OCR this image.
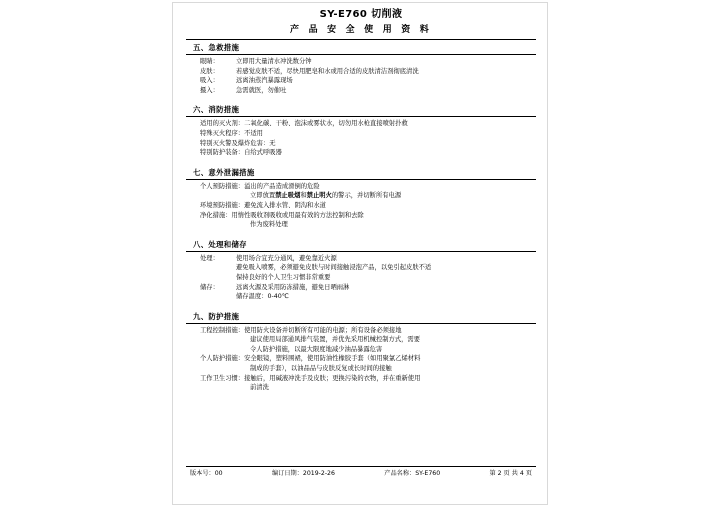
SY-E760 切削液
产 品 安 全 使 用 资 料
五、急救措施
眼睛：	立即用大量清水冲洗数分钟
皮肤：	若感觉皮肤不适，尽快用肥皂和水或用合适的皮肤清洁剂彻底清洗
吸入：	远离油蒸汽暴露现场
摄入：	急需就医，勿催吐
六、消防措施
适用的灭火剂： 二氧化碳、干粉、泡沫或雾状水，切勿用水枪直接喷射扑救
特殊灭火程序： 不适用
特别灭火警及爆炸危害： 无
特别防护装备： 自给式呼吸器
七、意外泄漏措施
个人预防措施： 溢出的产品造成滑倒的危险
立即放置禁止吸烟和禁止明火的警示，并切断所有电源
环境预防措施： 避免流入排水管、阴沟和水道
净化措施： 用惰性吸收剂吸收或用最有效的方法控制和去除
作为废料处理
八、处理和储存
处理：	使用场合宜充分通风，避免靠近火源
避免吸入喷雾，必须避免皮肤与时间接触浸泡产品，以免引起皮肤不适
保持良好的个人卫生习惯非常重要
储存：	远离火源及采用防冻措施，避免日晒雨淋
储存温度：0-40℃
九、防护措施
工程控制措施： 使用防火设备并切断所有可能的电源；所有设备必须接地
建议使用局部通风排气装置，并优先采用机械控制方式，需要
令人防护措施，以最大限度地减少油品暴露危害
个人防护措施： 安全眼镜，塑料围裙，使用防油性橡胶手套（如用聚氯乙烯材料
制成的手套），以油品品与皮肤反复或长时间的接触
工作卫生习惯： 接触后，用碱液冲洗手及皮肤；更换污染的衣物，并在重新使用
前清洗
版本号：00	编订日期：2019-2-26	产品名称：SY-E760	第 2 页 共 4 页
